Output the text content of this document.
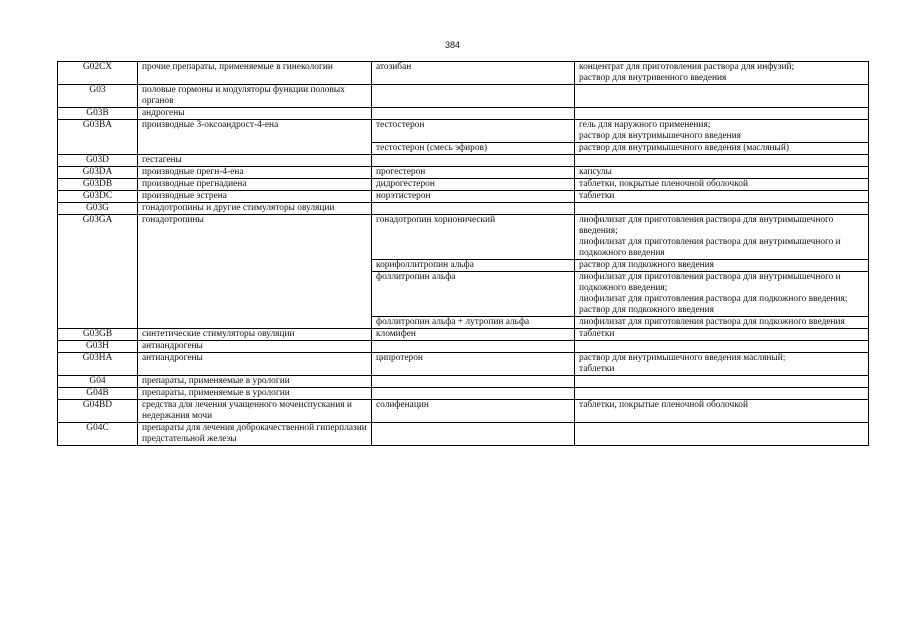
384
G02CX	прочие препараты, применяемые в гинекологии	атозибан	концентрат для приготовления раствора для инфузий;
раствор для внутривенного введения
G03	половые гормоны и модуляторы функции половых органов		
G03B	андрогены		
G03BA	производные 3-оксоандрост-4-ена	тестостерон	гель для наружного применения;
раствор для внутримышечного введения
		тестостерон (смесь эфиров)	раствор для внутримышечного введения (масляный)
G03D	гестагены		
G03DA	производные прегн-4-ена	прогестерон	капсулы
G03DB	производные прегнадиена	дидрогестерон	таблетки, покрытые пленочной оболочкой
G03DC	производные эстрена	норэтистерон	таблетки
G03G	гонадотропины и другие стимуляторы овуляции		
G03GA	гонадотропины	гонадотропин хорионический	лиофилизат для приготовления раствора для внутримышечного введения;
лиофилизат для приготовления раствора для внутримышечного и подкожного введения
		корифоллитропин альфа	раствор для подкожного введения
		фоллитропин альфа	лиофилизат для приготовления раствора для внутримышечного и подкожного введения;
лиофилизат для приготовления раствора для подкожного введения;
раствор для подкожного введения
		фоллитропин альфа + лутропин альфа	лиофилизат для приготовления раствора для подкожного введения
G03GB	синтетические стимуляторы овуляции	кломифен	таблетки
G03H	антиандрогены		
G03HA	антиандрогены	ципротерон	раствор для внутримышечного введения масляный;
таблетки
G04	препараты, применяемые в урологии		
G04B	препараты, применяемые в урологии		
G04BD	средства для лечения учащенного мочеиспускания и недержания мочи	солифенацин	таблетки, покрытые пленочной оболочкой
G04C	препараты для лечения доброкачественной гиперплазии предстательной железы		
